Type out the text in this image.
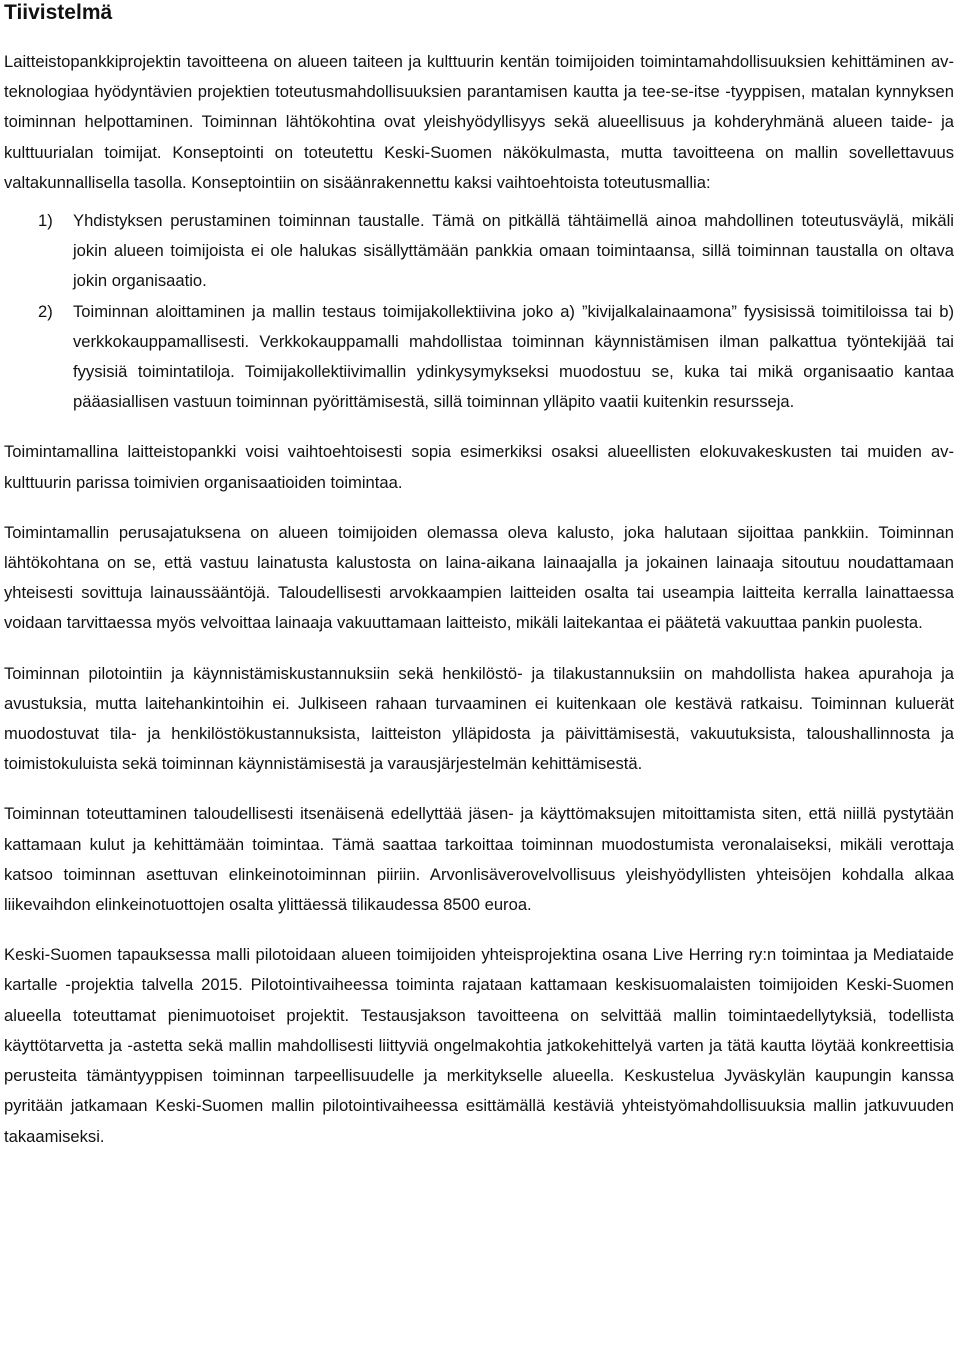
Tiivistelmä

Laitteistopankkiprojektin tavoitteena on alueen taiteen ja kulttuurin kentän toimijoiden toimintamahdollisuuksien kehittäminen av-teknologiaa hyödyntävien projektien toteutusmahdollisuuksien parantamisen kautta ja tee-se-itse -tyyppisen, matalan kynnyksen toiminnan helpottaminen. Toiminnan lähtökohtina ovat yleishyödyllisyys sekä alueellisuus ja kohderyhmänä alueen taide- ja kulttuurialan toimijat. Konseptointi on toteutettu Keski-Suomen näkökulmasta, mutta tavoitteena on mallin sovellettavuus valtakunnallisella tasolla. Konseptointiin on sisäänrakennettu kaksi vaihtoehtoista toteutusmallia:

1) Yhdistyksen perustaminen toiminnan taustalle. Tämä on pitkällä tähtäimellä ainoa mahdollinen toteutusväylä, mikäli jokin alueen toimijoista ei ole halukas sisällyttämään pankkia omaan toimintaansa, sillä toiminnan taustalla on oltava jokin organisaatio.
2) Toiminnan aloittaminen ja mallin testaus toimijakollektiivina joko a) ”kivijalkalainaamona” fyysisissä toimitiloissa tai b) verkkokauppamallisesti. Verkkokauppamalli mahdollistaa toiminnan käynnistämisen ilman palkattua työntekijää tai fyysisiä toimintatiloja. Toimijakollektiivimallin ydinkysymykseksi muodostuu se, kuka tai mikä organisaatio kantaa pääasiallisen vastuun toiminnan pyörittämisestä, sillä toiminnan ylläpito vaatii kuitenkin resursseja.

Toimintamallina laitteistopankki voisi vaihtoehtoisesti sopia esimerkiksi osaksi alueellisten elokuvakeskusten tai muiden av-kulttuurin parissa toimivien organisaatioiden toimintaa.

Toimintamallin perusajatuksena on alueen toimijoiden olemassa oleva kalusto, joka halutaan sijoittaa pankkiin. Toiminnan lähtökohtana on se, että vastuu lainatusta kalustosta on laina-aikana lainaajalla ja jokainen lainaaja sitoutuu noudattamaan yhteisesti sovittuja lainaussääntöjä. Taloudellisesti arvokkaampien laitteiden osalta tai useampia laitteita kerralla lainattaessa voidaan tarvittaessa myös velvoittaa lainaaja vakuuttamaan laitteisto, mikäli laitekantaa ei päätetä vakuuttaa pankin puolesta.

Toiminnan pilotointiin ja käynnistämiskustannuksiin sekä henkilöstö- ja tilakustannuksiin on mahdollista hakea apurahoja ja avustuksia, mutta laitehankintoihin ei. Julkiseen rahaan turvaaminen ei kuitenkaan ole kestävä ratkaisu. Toiminnan kuluerät muodostuvat tila- ja henkilöstökustannuksista, laitteiston ylläpidosta ja päivittämisestä, vakuutuksista, taloushallinnosta ja toimistokuluista sekä toiminnan käynnistämisestä ja varausjärjestelmän kehittämisestä.

Toiminnan toteuttaminen taloudellisesti itsenäisenä edellyttää jäsen- ja käyttömaksujen mitoittamista siten, että niillä pystytään kattamaan kulut ja kehittämään toimintaa. Tämä saattaa tarkoittaa toiminnan muodostumista veronalaiseksi, mikäli verottaja katsoo toiminnan asettuvan elinkeinotoiminnan piiriin. Arvonlisäverovelvollisuus yleishyödyllisten yhteisöjen kohdalla alkaa liikevaihdon elinkeinotuottojen osalta ylittäessä tilikaudessa 8500 euroa.

Keski-Suomen tapauksessa malli pilotoidaan alueen toimijoiden yhteisprojektina osana Live Herring ry:n toimintaa ja Mediataide kartalle -projektia talvella 2015. Pilotointivaiheessa toiminta rajataan kattamaan keskisuomalaisten toimijoiden Keski-Suomen alueella toteuttamat pienimuotoiset projektit. Testausjakson tavoitteena on selvittää mallin toimintaedellytyksiä, todellista käyttötarvetta ja -astetta sekä mallin mahdollisesti liittyviä ongelmakohtia jatkokehittelyä varten ja tätä kautta löytää konkreettisia perusteita tämäntyyppisen toiminnan tarpeellisuudelle ja merkitykselle alueella. Keskustelua Jyväskylän kaupungin kanssa pyritään jatkamaan Keski-Suomen mallin pilotointivaiheessa esittämällä kestäviä yhteistyömahdollisuuksia mallin jatkuvuuden takaamiseksi.
